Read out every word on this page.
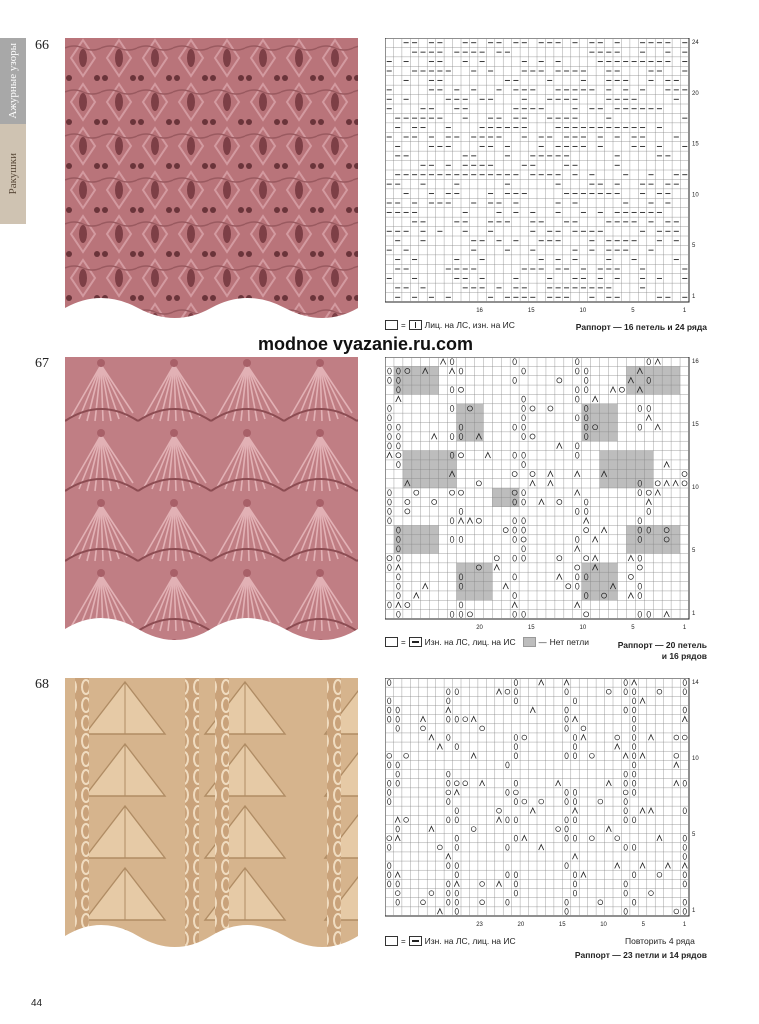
Ажурные узоры
Ракушки
66	24
20
15
10
5
1
16	15	10	5	1
= Лиц. на ЛС, изн. на ИС	Раппорт — 16 петель и 24 ряда
modnoe vyazanie.ru.com
67	16
15
10
5
1
20	15	10	5	1
= Изн. на ЛС, лиц. на ИС	— Нет петли	Раппорт — 20 петель
и 16 рядов
68	14
10
5
1
23	20	15	10	5	1
= Изн. на ЛС, лиц. на ИС	Повторить 4 ряда
Раппорт — 23 петли и 14 рядов
44
